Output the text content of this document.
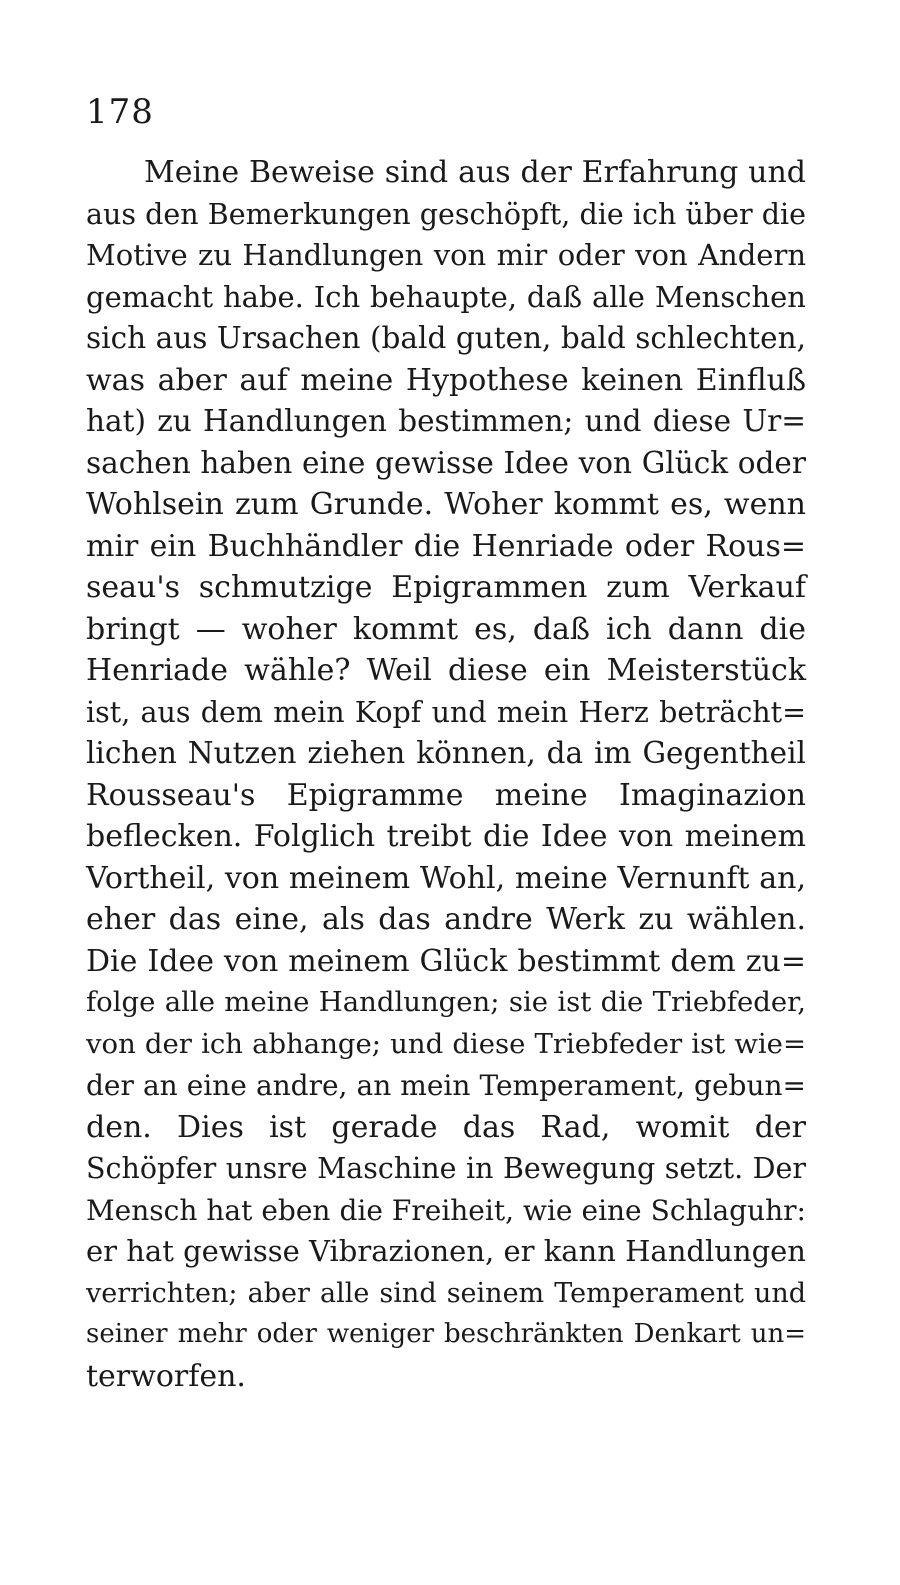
178
Meine Beweise sind aus der Erfahrung und
aus den Bemerkungen geschöpft, die ich über die
Motive zu Handlungen von mir oder von Andern
gemacht habe. Ich behaupte, daß alle Menschen
sich aus Ursachen (bald guten, bald schlechten,
was aber auf meine Hypothese keinen Einfluß
hat) zu Handlungen bestimmen; und diese Ur=
sachen haben eine gewisse Idee von Glück oder
Wohlsein zum Grunde. Woher kommt es, wenn
mir ein Buchhändler die Henriade oder Rous=
seau's schmutzige Epigrammen zum Verkauf
bringt — woher kommt es, daß ich dann die
Henriade wähle? Weil diese ein Meisterstück
ist, aus dem mein Kopf und mein Herz beträcht=
lichen Nutzen ziehen können, da im Gegentheil
Rousseau's Epigramme meine Imaginazion
beflecken. Folglich treibt die Idee von meinem
Vortheil, von meinem Wohl, meine Vernunft an,
eher das eine, als das andre Werk zu wählen.
Die Idee von meinem Glück bestimmt dem zu=
folge alle meine Handlungen; sie ist die Triebfeder,
von der ich abhange; und diese Triebfeder ist wie=
der an eine andre, an mein Temperament, gebun=
den. Dies ist gerade das Rad, womit der
Schöpfer unsre Maschine in Bewegung setzt. Der
Mensch hat eben die Freiheit, wie eine Schlaguhr:
er hat gewisse Vibrazionen, er kann Handlungen
verrichten; aber alle sind seinem Temperament und
seiner mehr oder weniger beschränkten Denkart un=
terworfen.
